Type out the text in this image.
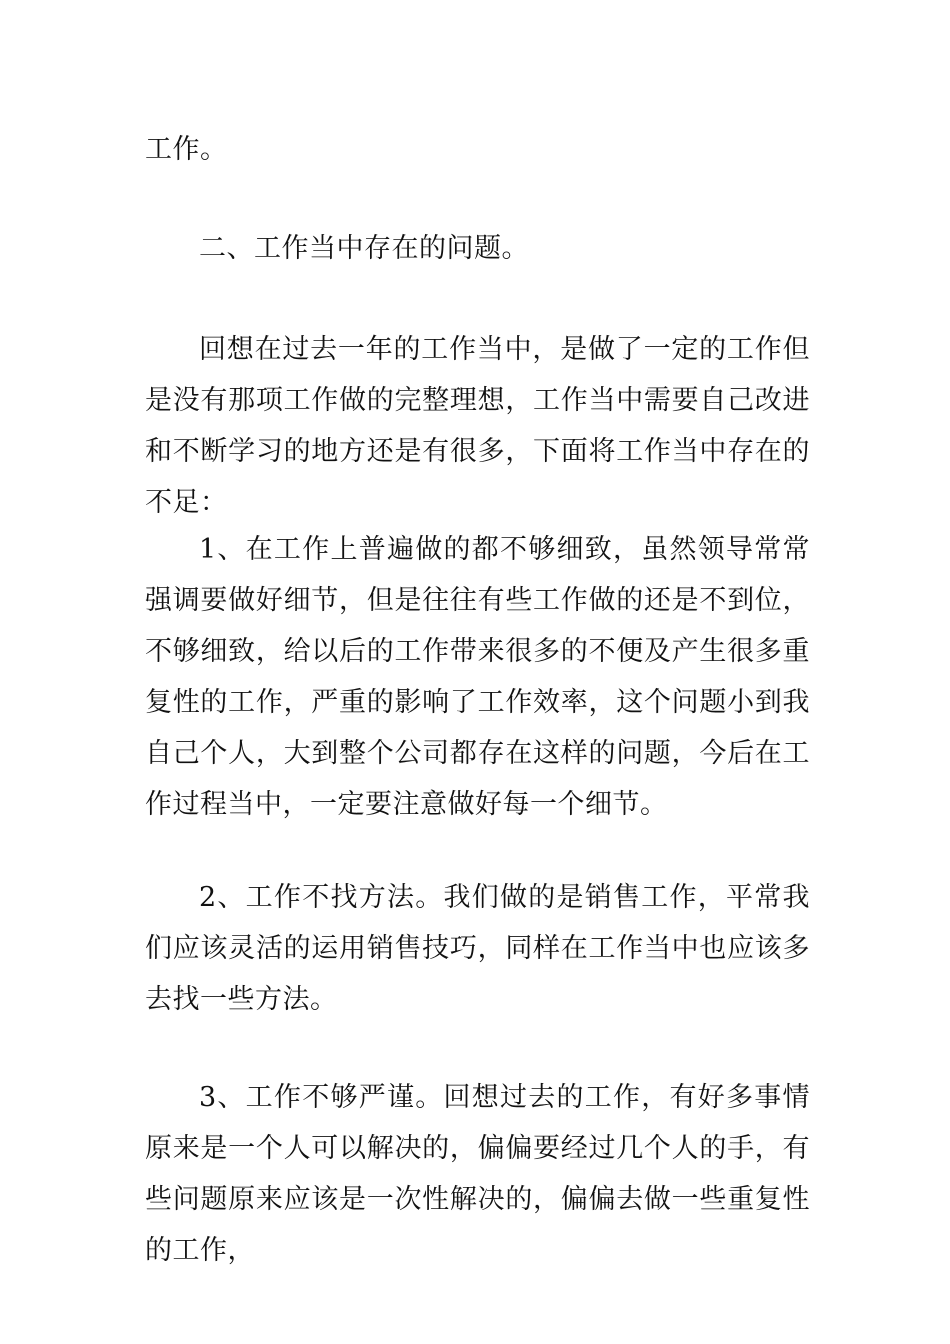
工作。

二、工作当中存在的问题。

回想在过去一年的工作当中，是做了一定的工作但是没有那项工作做的完整理想，工作当中需要自己改进和不断学习的地方还是有很多，下面将工作当中存在的不足：

1、在工作上普遍做的都不够细致，虽然领导常常强调要做好细节，但是往往有些工作做的还是不到位，不够细致，给以后的工作带来很多的不便及产生很多重复性的工作，严重的影响了工作效率，这个问题小到我自己个人，大到整个公司都存在这样的问题，今后在工作过程当中，一定要注意做好每一个细节。

2、工作不找方法。我们做的是销售工作，平常我们应该灵活的运用销售技巧，同样在工作当中也应该多去找一些方法。

3、工作不够严谨。回想过去的工作，有好多事情原来是一个人可以解决的，偏偏要经过几个人的手，有些问题原来应该是一次性解决的，偏偏去做一些重复性的工作，
